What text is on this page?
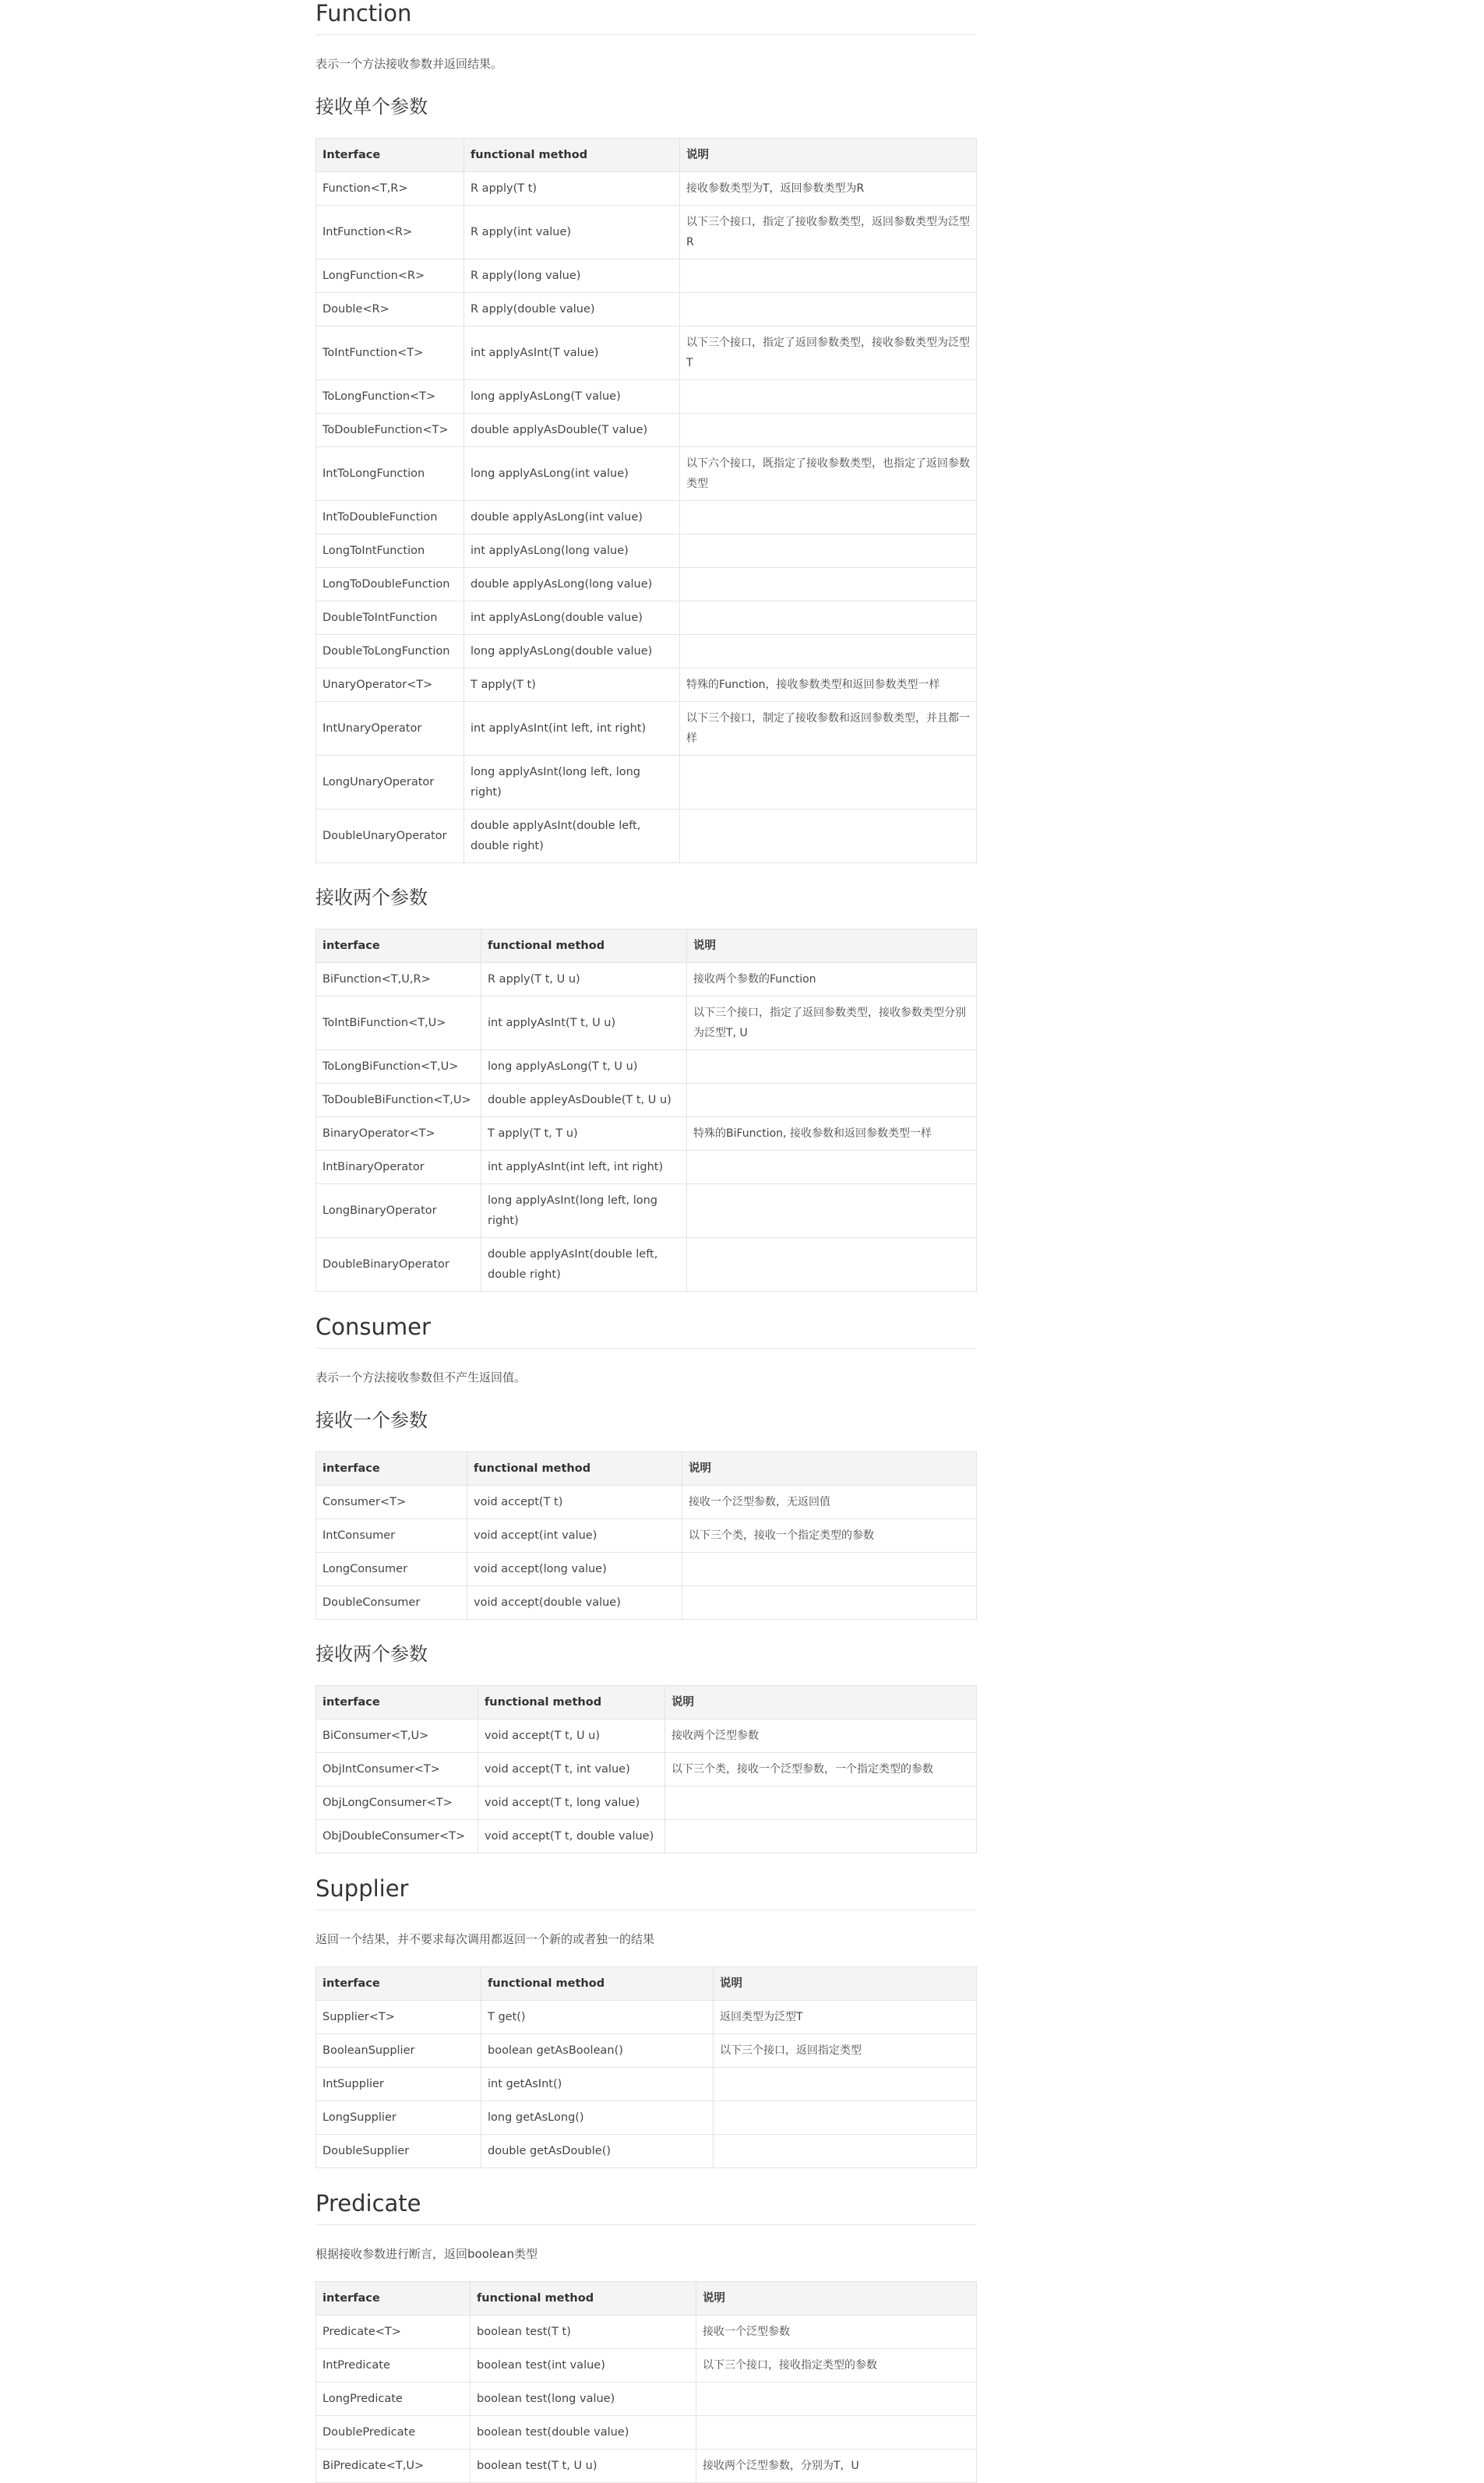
Function

表示一个方法接收参数并返回结果。

接收单个参数
Interface	functional method	说明
Function<T,R>	R apply(T t)	接收参数类型为T，返回参数类型为R
IntFunction<R>	R apply(int value)	以下三个接口，指定了接收参数类型，返回参数类型为泛型R
LongFunction<R>	R apply(long value)	
Double<R>	R apply(double value)	
ToIntFunction<T>	int applyAsInt(T value)	以下三个接口，指定了返回参数类型，接收参数类型为泛型T
ToLongFunction<T>	long applyAsLong(T value)	
ToDoubleFunction<T>	double applyAsDouble(T value)	
IntToLongFunction	long applyAsLong(int value)	以下六个接口，既指定了接收参数类型，也指定了返回参数类型
IntToDoubleFunction	double applyAsLong(int value)	
LongToIntFunction	int applyAsLong(long value)	
LongToDoubleFunction	double applyAsLong(long value)	
DoubleToIntFunction	int applyAsLong(double value)	
DoubleToLongFunction	long applyAsLong(double value)	
UnaryOperator<T>	T apply(T t)	特殊的Function，接收参数类型和返回参数类型一样
IntUnaryOperator	int applyAsInt(int left, int right)	以下三个接口，制定了接收参数和返回参数类型，并且都一样
LongUnaryOperator	long applyAsInt(long left, long right)	
DoubleUnaryOperator	double applyAsInt(double left, double right)	
接收两个参数
interface	functional method	说明
BiFunction<T,U,R>	R apply(T t, U u)	接收两个参数的Function
ToIntBiFunction<T,U>	int applyAsInt(T t, U u)	以下三个接口，指定了返回参数类型，接收参数类型分别为泛型T, U
ToLongBiFunction<T,U>	long applyAsLong(T t, U u)	
ToDoubleBiFunction<T,U>	double appleyAsDouble(T t, U u)	
BinaryOperator<T>	T apply(T t, T u)	特殊的BiFunction, 接收参数和返回参数类型一样
IntBinaryOperator	int applyAsInt(int left, int right)	
LongBinaryOperator	long applyAsInt(long left, long right)	
DoubleBinaryOperator	double applyAsInt(double left, double right)	
Consumer

表示一个方法接收参数但不产生返回值。

接收一个参数
interface	functional method	说明
Consumer<T>	void accept(T t)	接收一个泛型参数，无返回值
IntConsumer	void accept(int value)	以下三个类，接收一个指定类型的参数
LongConsumer	void accept(long value)	
DoubleConsumer	void accept(double value)	
接收两个参数
interface	functional method	说明
BiConsumer<T,U>	void accept(T t, U u)	接收两个泛型参数
ObjIntConsumer<T>	void accept(T t, int value)	以下三个类，接收一个泛型参数，一个指定类型的参数
ObjLongConsumer<T>	void accept(T t, long value)	
ObjDoubleConsumer<T>	void accept(T t, double value)	
Supplier

返回一个结果，并不要求每次调用都返回一个新的或者独一的结果

interface	functional method	说明
Supplier<T>	T get()	返回类型为泛型T
BooleanSupplier	boolean getAsBoolean()	以下三个接口，返回指定类型
IntSupplier	int getAsInt()	
LongSupplier	long getAsLong()	
DoubleSupplier	double getAsDouble()	
Predicate

根据接收参数进行断言，返回boolean类型

interface	functional method	说明
Predicate<T>	boolean test(T t)	接收一个泛型参数
IntPredicate	boolean test(int value)	以下三个接口，接收指定类型的参数
LongPredicate	boolean test(long value)	
DoublePredicate	boolean test(double value)	
BiPredicate<T,U>	boolean test(T t, U u)	接收两个泛型参数，分别为T，U
